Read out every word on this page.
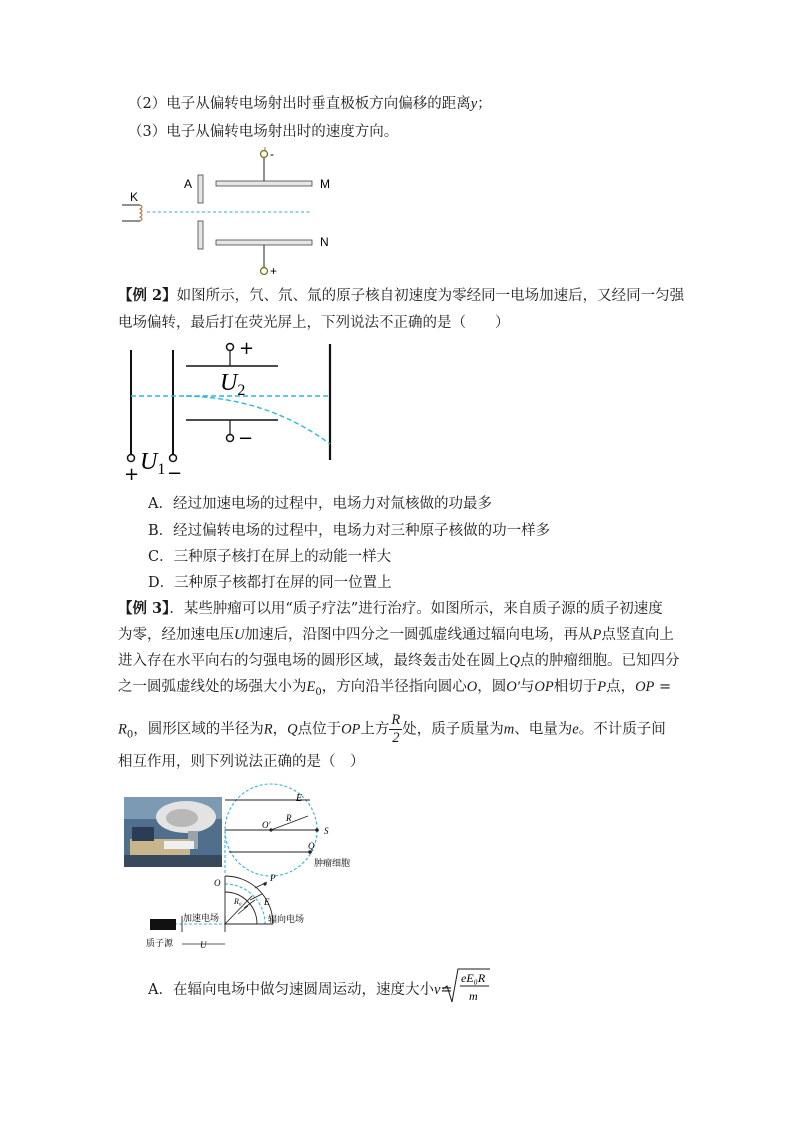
（2）电子从偏转电场射出时垂直极板方向偏移的距离y；
（3）电子从偏转电场射出时的速度方向。
K
A	M
N
-
+
【例 2】如图所示，氕、氘、氚的原子核自初速度为零经同一电场加速后，又经同一匀强
电场偏转，最后打在荧光屏上，下列说法不正确的是（　　）
+
−
$U_2$
$U_1$
+ −
A．经过加速电场的过程中，电场力对氚核做的功最多
B．经过偏转电场的过程中，电场力对三种原子核做的功一样多
C．三种原子核打在屏上的动能一样大
D．三种原子核都打在屏的同一位置上
【例 3】．某些肿瘤可以用“质子疗法”进行治疗。如图所示，来自质子源的质子初速度
为零，经加速电压U加速后，沿图中四分之一圆弧虚线通过辐向电场，再从P点竖直向上
进入存在水平向右的匀强电场的圆形区域，最终轰击处在圆上Q点的肿瘤细胞。已知四分
之一圆弧虚线处的场强大小为$E_0$，方向沿半径指向圆心O，圆O′与OP相切于P点，OP =
$R_0$，圆形区域的半径为R，Q点位于OP上方 $\frac{R}{2}$ 处，质子质量为m、电量为e。不计质子间
相互作用，则下列说法正确的是（　）
E
O′
R
S
Q
肿瘤细胞
P
O
R₀ E
加速电场	辐向电场
质子源	U
A．在辐向电场中做匀速圆周运动，速度大小v=
eE₀R
m
